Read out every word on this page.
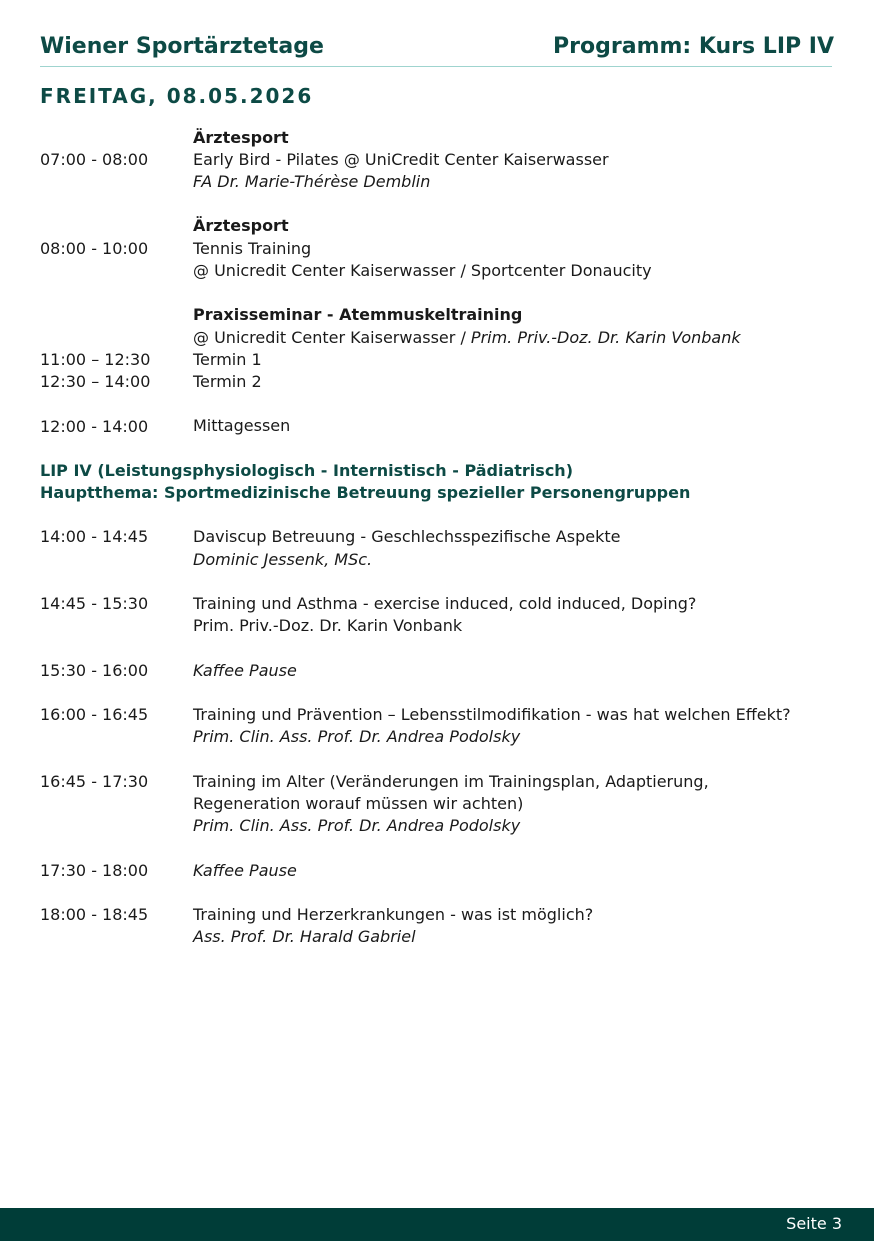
Wiener Sportärztetage	Programm: Kurs LIP IV
FREITAG, 08.05.2026
Ärztesport
07:00 - 08:00	Early Bird - Pilates @ UniCredit Center Kaiserwasser
FA Dr. Marie-Thérèse Demblin
Ärztesport
08:00 - 10:00	Tennis Training
@ Unicredit Center Kaiserwasser / Sportcenter Donaucity
Praxisseminar - Atemmuskeltraining
@ Unicredit Center Kaiserwasser / Prim. Priv.-Doz. Dr. Karin Vonbank
11:00 – 12:30	Termin 1
12:30 – 14:00	Termin 2
12:00 - 14:00	Mittagessen
LIP IV (Leistungsphysiologisch - Internistisch - Pädiatrisch)
Hauptthema: Sportmedizinische Betreuung spezieller Personengruppen
14:00 - 14:45	Daviscup Betreuung - Geschlechsspezifische Aspekte
Dominic Jessenk, MSc.
14:45 - 15:30	Training und Asthma - exercise induced, cold induced, Doping?
Prim. Priv.-Doz. Dr. Karin Vonbank
15:30 - 16:00	Kaffee Pause
16:00 - 16:45	Training und Prävention – Lebensstilmodifikation - was hat welchen Effekt?
Prim. Clin. Ass. Prof. Dr. Andrea Podolsky
16:45 - 17:30	Training im Alter (Veränderungen im Trainingsplan, Adaptierung,
Regeneration worauf müssen wir achten)
Prim. Clin. Ass. Prof. Dr. Andrea Podolsky
17:30 - 18:00	Kaffee Pause
18:00 - 18:45	Training und Herzerkrankungen - was ist möglich?
Ass. Prof. Dr. Harald Gabriel
Seite 3
